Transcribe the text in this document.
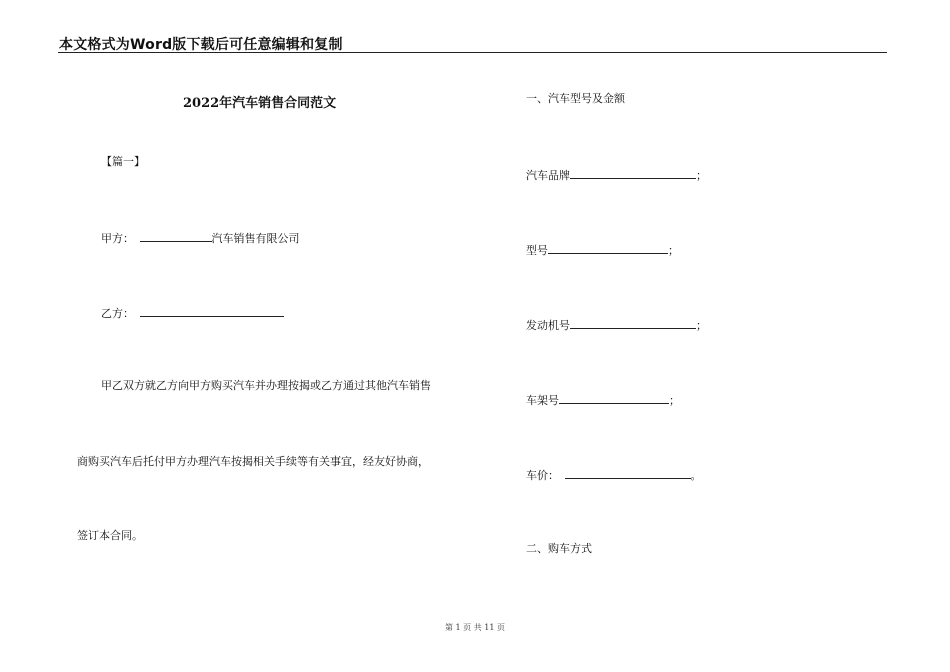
本文格式为Word版下载后可任意编辑和复制
2022年汽车销售合同范文
【篇一】
甲方：	汽车销售有限公司
乙方：
甲乙双方就乙方向甲方购买汽车并办理按揭或乙方通过其他汽车销售
商购买汽车后托付甲方办理汽车按揭相关手续等有关事宜，经友好协商，
签订本合同。
一、汽车型号及金额
汽车品牌	；
型号	；
发动机号	；
车架号	；
车价：	。
二、购车方式
第 1 页 共 11 页
